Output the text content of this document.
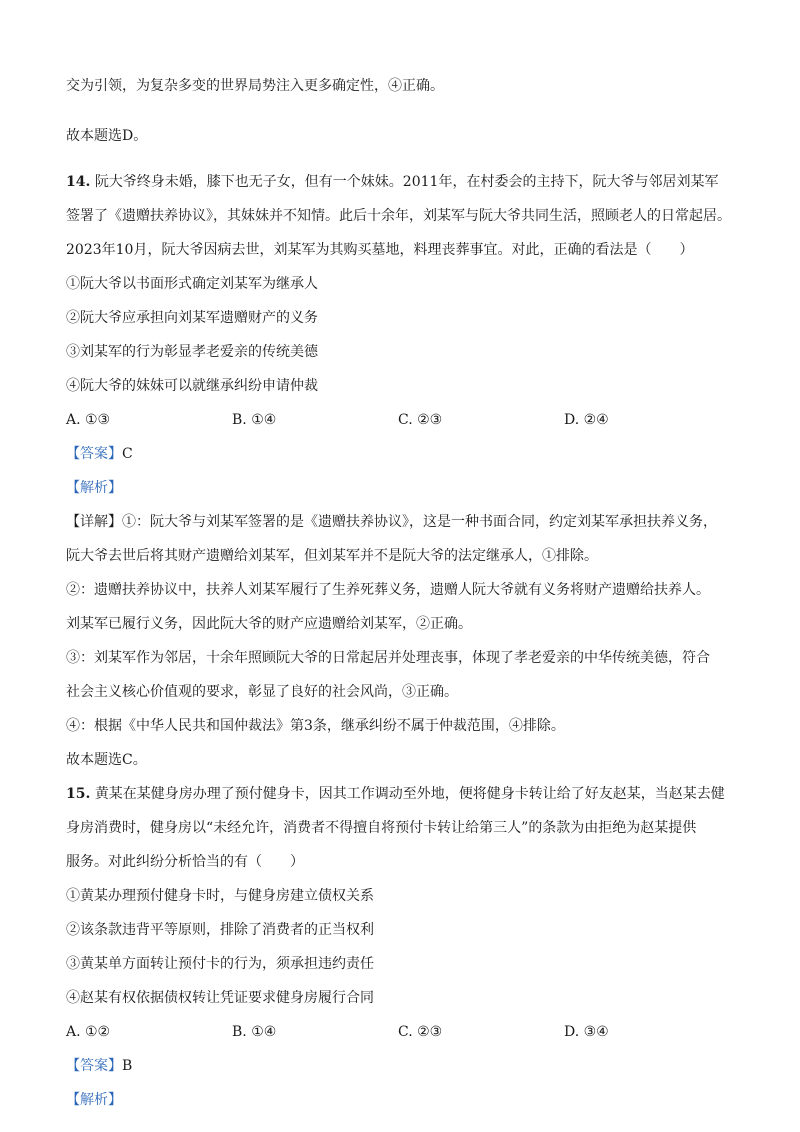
交为引领，为复杂多变的世界局势注入更多确定性，④正确。
故本题选D。
14. 阮大爷终身未婚，膝下也无子女，但有一个妹妹。2011年，在村委会的主持下，阮大爷与邻居刘某军
签署了《遗赠扶养协议》，其妹妹并不知情。此后十余年，刘某军与阮大爷共同生活，照顾老人的日常起居。
2023年10月，阮大爷因病去世，刘某军为其购买墓地，料理丧葬事宜。对此，正确的看法是（　　）
①阮大爷以书面形式确定刘某军为继承人
②阮大爷应承担向刘某军遗赠财产的义务
③刘某军的行为彰显孝老爱亲的传统美德
④阮大爷的妹妹可以就继承纠纷申请仲裁
A. ①③	B. ①④	C. ②③	D. ②④
【答案】C
【解析】
【详解】①：阮大爷与刘某军签署的是《遗赠扶养协议》，这是一种书面合同，约定刘某军承担扶养义务，
阮大爷去世后将其财产遗赠给刘某军，但刘某军并不是阮大爷的法定继承人，①排除。
②：遗赠扶养协议中，扶养人刘某军履行了生养死葬义务，遗赠人阮大爷就有义务将财产遗赠给扶养人。
刘某军已履行义务，因此阮大爷的财产应遗赠给刘某军，②正确。
③：刘某军作为邻居，十余年照顾阮大爷的日常起居并处理丧事，体现了孝老爱亲的中华传统美德，符合
社会主义核心价值观的要求，彰显了良好的社会风尚，③正确。
④：根据《中华人民共和国仲裁法》第3条，继承纠纷不属于仲裁范围，④排除。
故本题选C。
15. 黄某在某健身房办理了预付健身卡，因其工作调动至外地，便将健身卡转让给了好友赵某，当赵某去健
身房消费时，健身房以“未经允许，消费者不得擅自将预付卡转让给第三人”的条款为由拒绝为赵某提供
服务。对此纠纷分析恰当的有（　　）
①黄某办理预付健身卡时，与健身房建立债权关系
②该条款违背平等原则，排除了消费者的正当权利
③黄某单方面转让预付卡的行为，须承担违约责任
④赵某有权依据债权转让凭证要求健身房履行合同
A. ①②	B. ①④	C. ②③	D. ③④
【答案】B
【解析】
